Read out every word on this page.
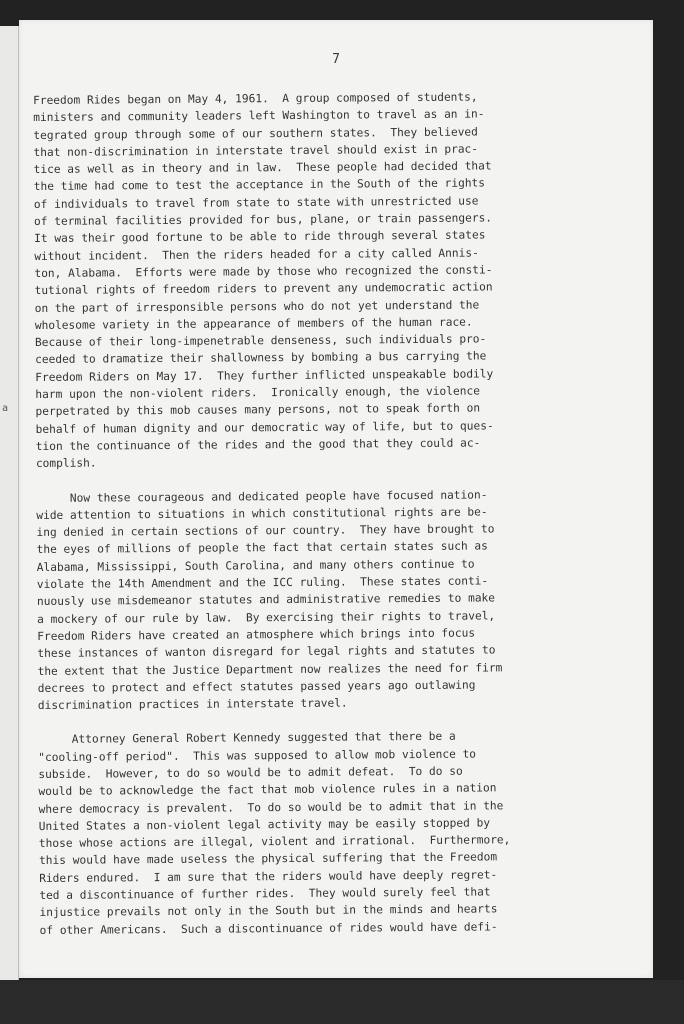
a
7

Freedom Rides began on May 4, 1961.  A group composed of students,
ministers and community leaders left Washington to travel as an in-
tegrated group through some of our southern states.  They believed
that non-discrimination in interstate travel should exist in prac-
tice as well as in theory and in law.  These people had decided that
the time had come to test the acceptance in the South of the rights
of individuals to travel from state to state with unrestricted use
of terminal facilities provided for bus, plane, or train passengers.
It was their good fortune to be able to ride through several states
without incident.  Then the riders headed for a city called Annis-
ton, Alabama.  Efforts were made by those who recognized the consti-
tutional rights of freedom riders to prevent any undemocratic action
on the part of irresponsible persons who do not yet understand the
wholesome variety in the appearance of members of the human race.
Because of their long-impenetrable denseness, such individuals pro-
ceeded to dramatize their shallowness by bombing a bus carrying the
Freedom Riders on May 17.  They further inflicted unspeakable bodily
harm upon the non-violent riders.  Ironically enough, the violence
perpetrated by this mob causes many persons, not to speak forth on
behalf of human dignity and our democratic way of life, but to ques-
tion the continuance of the rides and the good that they could ac-
complish.

Now these courageous and dedicated people have focused nation-
wide attention to situations in which constitutional rights are be-
ing denied in certain sections of our country.  They have brought to
the eyes of millions of people the fact that certain states such as
Alabama, Mississippi, South Carolina, and many others continue to
violate the 14th Amendment and the ICC ruling.  These states conti-
nuously use misdemeanor statutes and administrative remedies to make
a mockery of our rule by law.  By exercising their rights to travel,
Freedom Riders have created an atmosphere which brings into focus
these instances of wanton disregard for legal rights and statutes to
the extent that the Justice Department now realizes the need for firm
decrees to protect and effect statutes passed years ago outlawing
discrimination practices in interstate travel.

Attorney General Robert Kennedy suggested that there be a
"cooling-off period".  This was supposed to allow mob violence to
subside.  However, to do so would be to admit defeat.  To do so
would be to acknowledge the fact that mob violence rules in a nation
where democracy is prevalent.  To do so would be to admit that in the
United States a non-violent legal activity may be easily stopped by
those whose actions are illegal, violent and irrational.  Furthermore,
this would have made useless the physical suffering that the Freedom
Riders endured.  I am sure that the riders would have deeply regret-
ted a discontinuance of further rides.  They would surely feel that
injustice prevails not only in the South but in the minds and hearts
of other Americans.  Such a discontinuance of rides would have defi-
